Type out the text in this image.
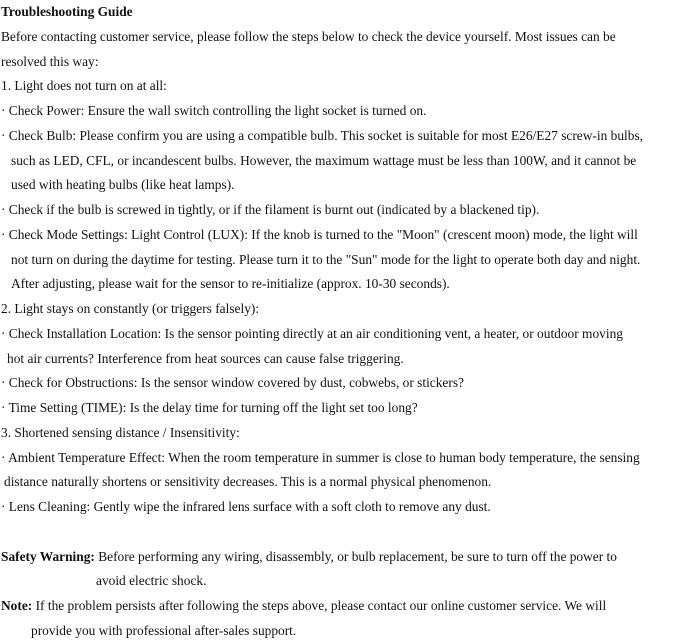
Troubleshooting Guide
Before contacting customer service, please follow the steps below to check the device yourself. Most issues can be
resolved this way:
1. Light does not turn on at all:
· Check Power: Ensure the wall switch controlling the light socket is turned on.
· Check Bulb: Please confirm you are using a compatible bulb. This socket is suitable for most E26/E27 screw-in bulbs,
such as LED, CFL, or incandescent bulbs. However, the maximum wattage must be less than 100W, and it cannot be
used with heating bulbs (like heat lamps).
· Check if the bulb is screwed in tightly, or if the filament is burnt out (indicated by a blackened tip).
· Check Mode Settings: Light Control (LUX): If the knob is turned to the "Moon" (crescent moon) mode, the light will
not turn on during the daytime for testing. Please turn it to the "Sun" mode for the light to operate both day and night.
After adjusting, please wait for the sensor to re-initialize (approx. 10-30 seconds).
2. Light stays on constantly (or triggers falsely):
· Check Installation Location: Is the sensor pointing directly at an air conditioning vent, a heater, or outdoor moving
hot air currents? Interference from heat sources can cause false triggering.
· Check for Obstructions: Is the sensor window covered by dust, cobwebs, or stickers?
· Time Setting (TIME): Is the delay time for turning off the light set too long?
3. Shortened sensing distance / Insensitivity:
· Ambient Temperature Effect: When the room temperature in summer is close to human body temperature, the sensing
distance naturally shortens or sensitivity decreases. This is a normal physical phenomenon.
· Lens Cleaning: Gently wipe the infrared lens surface with a soft cloth to remove any dust.
Safety Warning: Before performing any wiring, disassembly, or bulb replacement, be sure to turn off the power to
avoid electric shock.
Note: If the problem persists after following the steps above, please contact our online customer service. We will
provide you with professional after-sales support.
